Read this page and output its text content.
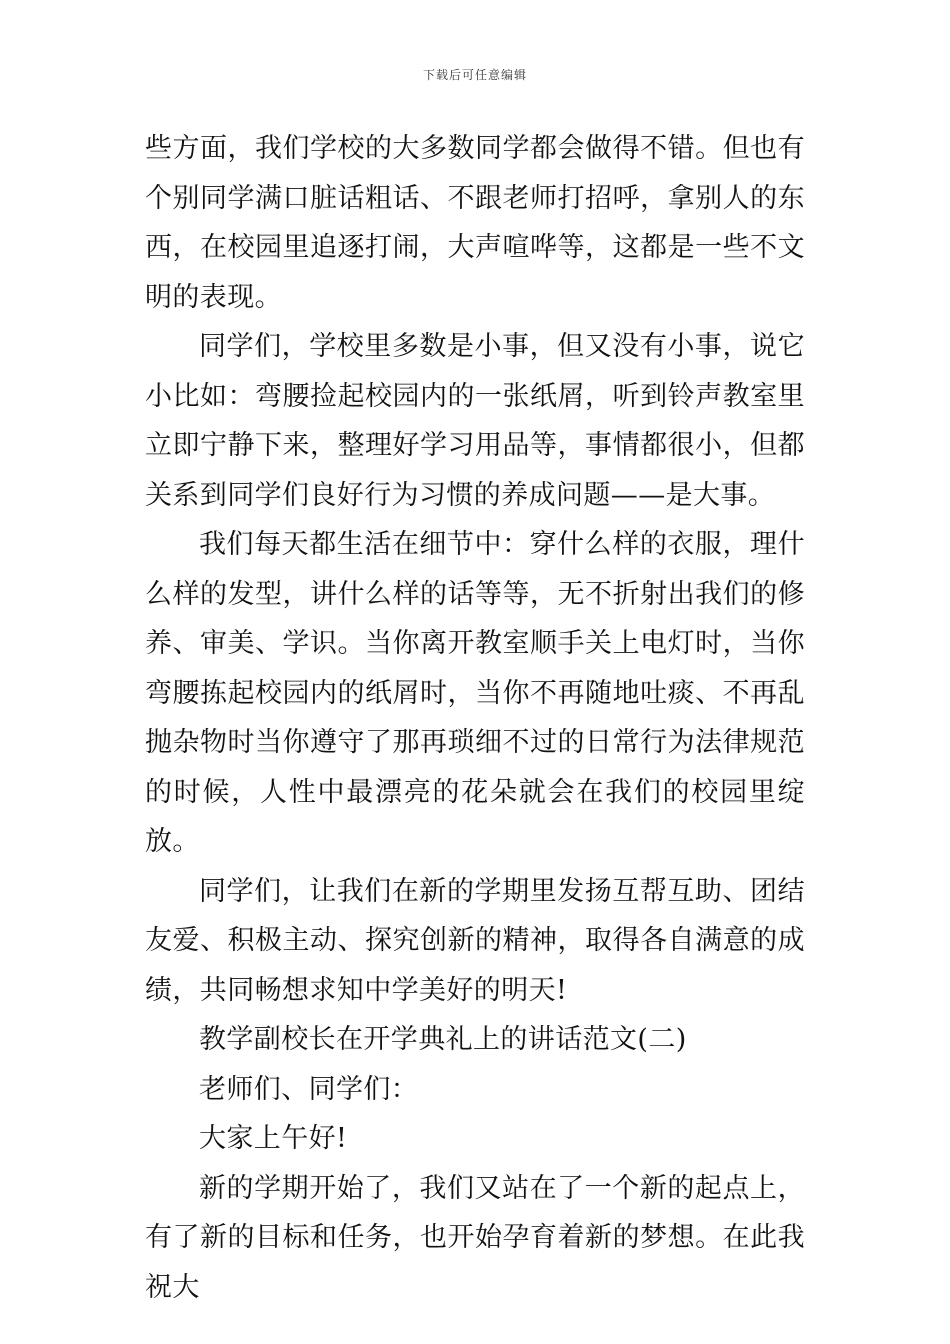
下载后可任意编辑

些方面，我们学校的大多数同学都会做得不错。但也有个别同学满口脏话粗话、不跟老师打招呼，拿别人的东西，在校园里追逐打闹，大声喧哗等，这都是一些不文明的表现。

同学们，学校里多数是小事，但又没有小事，说它小比如：弯腰捡起校园内的一张纸屑，听到铃声教室里立即宁静下来，整理好学习用品等，事情都很小，但都关系到同学们良好行为习惯的养成问题——是大事。

我们每天都生活在细节中：穿什么样的衣服，理什么样的发型，讲什么样的话等等，无不折射出我们的修养、审美、学识。当你离开教室顺手关上电灯时，当你弯腰拣起校园内的纸屑时，当你不再随地吐痰、不再乱抛杂物时当你遵守了那再琐细不过的日常行为法律规范的时候，人性中最漂亮的花朵就会在我们的校园里绽放。

同学们，让我们在新的学期里发扬互帮互助、团结友爱、积极主动、探究创新的精神，取得各自满意的成绩，共同畅想求知中学美好的明天!

教学副校长在开学典礼上的讲话范文(二)

老师们、同学们：

大家上午好!

新的学期开始了，我们又站在了一个新的起点上，有了新的目标和任务，也开始孕育着新的梦想。在此我祝大
